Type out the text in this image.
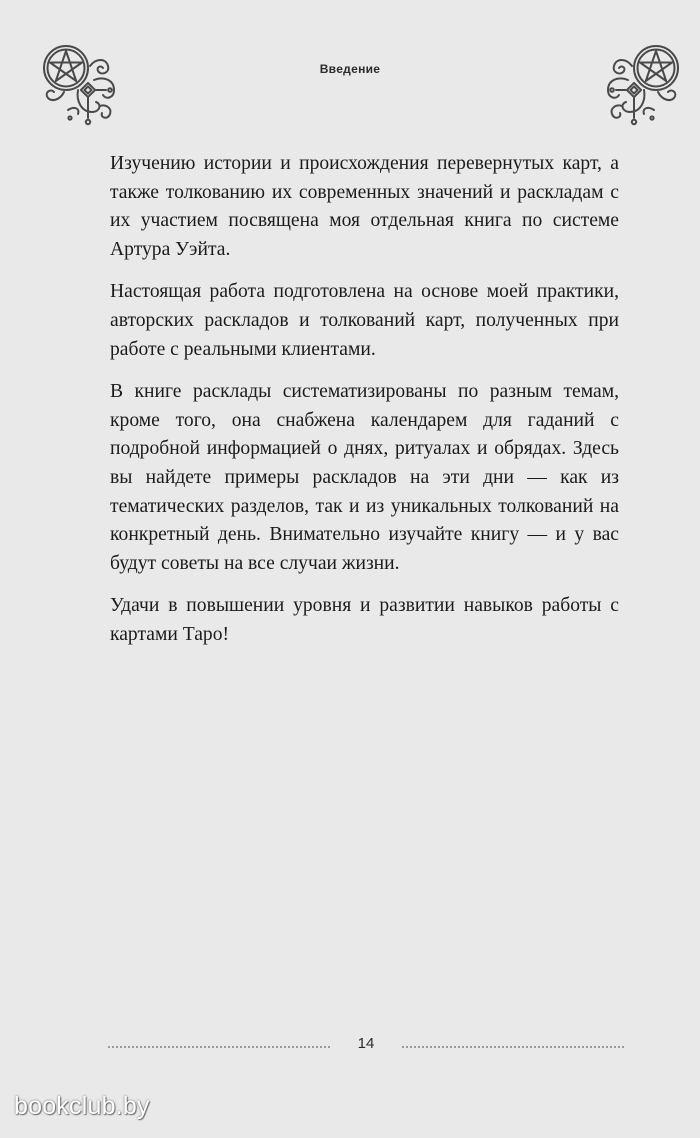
Введение

Изучению истории и происхождения перевернутых карт, а также толкованию их современных значений и раскладам с их участием посвящена моя отдельная книга по системе Артура Уэйта.

Настоящая работа подготовлена на основе моей практики, авторских раскладов и толкований карт, полученных при работе с реальными клиентами.

В книге расклады систематизированы по разным темам, кроме того, она снабжена календарем для гаданий с подробной информацией о днях, ритуалах и обрядах. Здесь вы найдете примеры раскладов на эти дни — как из тематических разделов, так и из уникальных толкований на конкретный день. Внимательно изучайте книгу — и у вас будут советы на все случаи жизни.

Удачи в повышении уровня и развитии навыков работы с картами Таро!

14
bookclub.by
